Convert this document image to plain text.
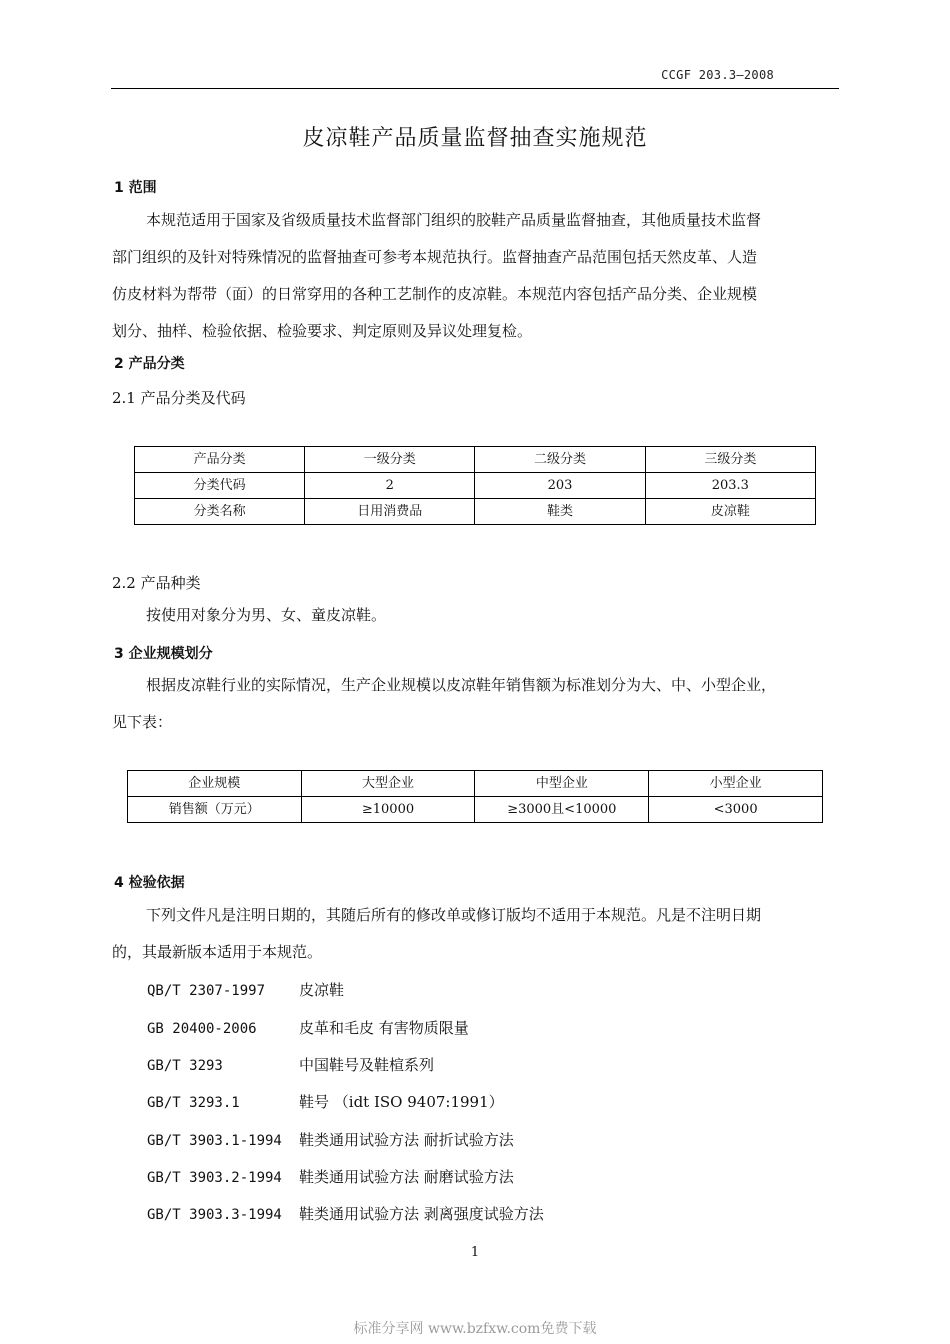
CCGF 203.3—2008
皮凉鞋产品质量监督抽查实施规范
1 范围
本规范适用于国家及省级质量技术监督部门组织的胶鞋产品质量监督抽查，其他质量技术监督
部门组织的及针对特殊情况的监督抽查可参考本规范执行。监督抽查产品范围包括天然皮革、人造
仿皮材料为帮带（面）的日常穿用的各种工艺制作的皮凉鞋。本规范内容包括产品分类、企业规模
划分、抽样、检验依据、检验要求、判定原则及异议处理复检。
2 产品分类
2.1 产品分类及代码
产品分类	一级分类	二级分类	三级分类
分类代码	2	203	203.3
分类名称	日用消费品	鞋类	皮凉鞋
2.2 产品种类
按使用对象分为男、女、童皮凉鞋。
3 企业规模划分
根据皮凉鞋行业的实际情况，生产企业规模以皮凉鞋年销售额为标准划分为大、中、小型企业，
见下表：
企业规模	大型企业	中型企业	小型企业
销售额（万元）	≥10000	≥3000且<10000	<3000
4 检验依据
下列文件凡是注明日期的，其随后所有的修改单或修订版均不适用于本规范。凡是不注明日期
的，其最新版本适用于本规范。
QB/T 2307-1997 皮凉鞋
GB 20400-2006	皮革和毛皮 有害物质限量
GB/T 3293	中国鞋号及鞋楦系列
GB/T 3293.1	鞋号 （idt ISO 9407:1991）
GB/T 3903.1-1994 鞋类通用试验方法 耐折试验方法
GB/T 3903.2-1994 鞋类通用试验方法 耐磨试验方法
GB/T 3903.3-1994 鞋类通用试验方法 剥离强度试验方法
1
标准分享网 www.bzfxw.com免费下载
